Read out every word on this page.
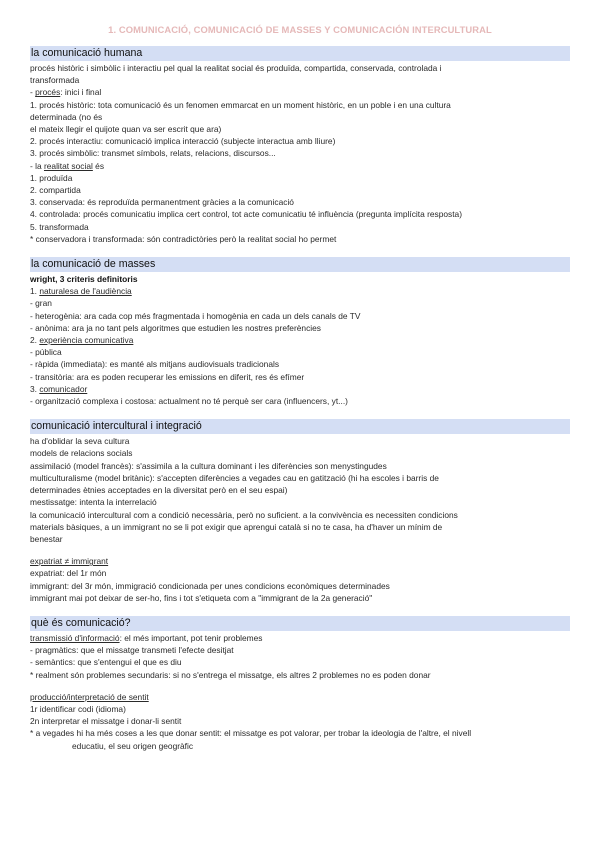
1. COMUNICACIÓ, COMUNICACIÓ DE MASSES Y COMUNICACIÓN INTERCULTURAL
la comunicació humana
procés històric i simbòlic i interactiu pel qual la realitat social és produïda, compartida, conservada, controlada i
transformada
- procés: inici i final
1. procés històric: tota comunicació és un fenomen emmarcat en un moment històric, en un poble i en una cultura
determinada (no és
el mateix llegir el quijote quan va ser escrit que ara)
2. procés interactiu: comunicació implica interacció (subjecte interactua amb lliure)
3. procés simbòlic: transmet símbols, relats, relacions, discursos...
- la realitat social és
1. produïda
2. compartida
3. conservada: és reproduïda permanentment gràcies a la comunicació
4. controlada: procés comunicatiu implica cert control, tot acte comunicatiu té influència (pregunta implícita resposta)
5. transformada
* conservadora i transformada: són contradictòries però la realitat social ho permet
la comunicació de masses
wright, 3 criteris definitoris
1. naturalesa de l'audiència
- gran
- heterogènia: ara cada cop més fragmentada i homogènia en cada un dels canals de TV
- anònima: ara ja no tant pels algoritmes que estudien les nostres preferències
2. experiència comunicativa
- pública
- ràpida (immediata): es manté als mitjans audiovisuals tradicionals
- transitòria: ara es poden recuperar les emissions en diferit, res és efímer
3. comunicador
- organització complexa i costosa: actualment no té perquè ser cara (influencers, yt...)
comunicació intercultural i integració
ha d'oblidar la seva cultura
models de relacions socials
assimilació (model francès): s'assimila a la cultura dominant i les diferències son menystingudes
multiculturalisme (model britànic): s'accepten diferències a vegades cau en gatització (hi ha escoles i barris de
determinades ètnies acceptades en la diversitat però en el seu espai)
mestissatge: intenta la interrelació
la comunicació intercultural com a condició necessària, però no suficient. a la convivència es necessiten condicions
materials bàsiques, a un immigrant no se li pot exigir que aprengui català si no te casa, ha d'haver un mínim de
benestar
expatriat ≠ immigrant
expatriat: del 1r món
immigrant: del 3r món, immigració condicionada per unes condicions econòmiques determinades
immigrant mai pot deixar de ser-ho, fins i tot s'etiqueta com a "immigrant de la 2a generació"
què és comunicació?
transmissió d'informació: el més important, pot tenir problemes
- pragmàtics: que el missatge transmeti l'efecte desitjat
- semàntics: que s'entengui el que es diu
* realment són problemes secundaris: si no s'entrega el missatge, els altres 2 problemes no es poden donar
producció/interpretació de sentit
1r identificar codi (idioma)
2n interpretar el missatge i donar-li sentit
* a vegades hi ha més coses a les que donar sentit: el missatge es pot valorar, per trobar la ideologia de l'altre, el nivell
educatiu, el seu origen geogràfic
